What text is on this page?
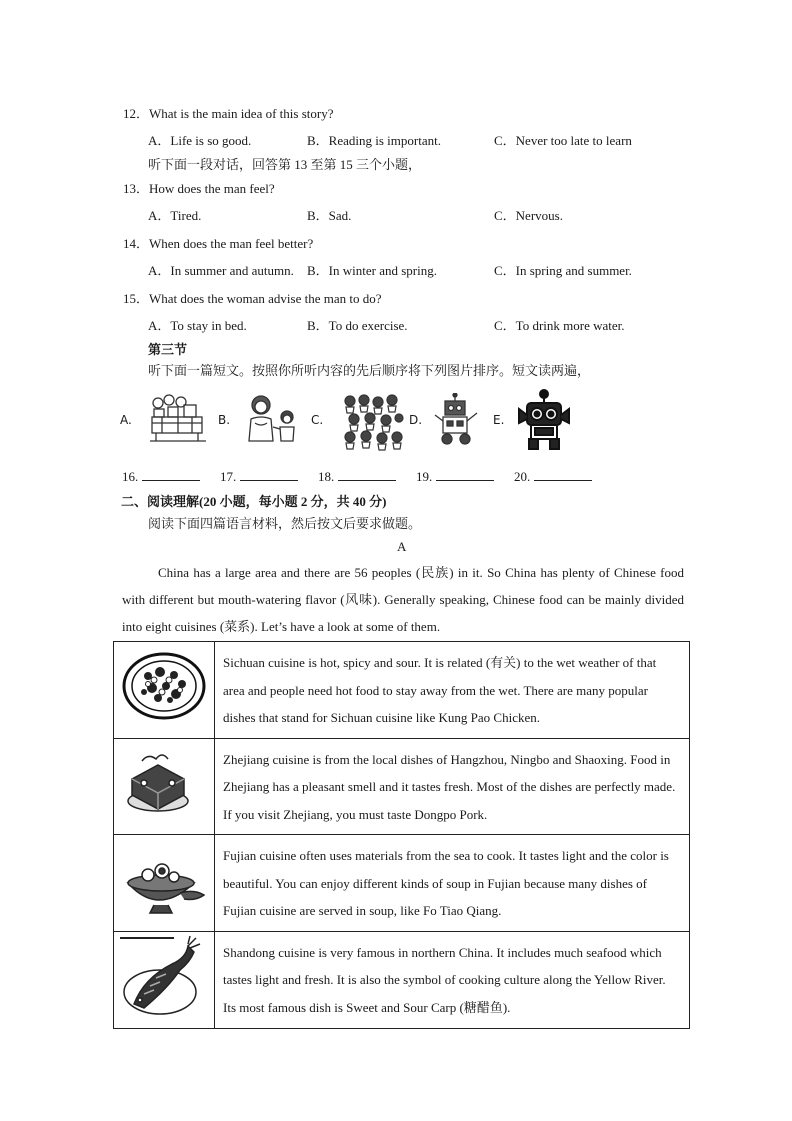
12．What is the main idea of this story?
A．Life is so good.	B．Reading is important.	C．Never too late to learn
听下面一段对话，回答第 13 至第 15 三个小题，
13．How does the man feel?
A．Tired.	B．Sad.	C．Nervous.
14．When does the man feel better?
A．In summer and autumn. B．In winter and spring.	C．In spring and summer.
15．What does the woman advise the man to do?
A．To stay in bed.	B．To do exercise.	C．To drink more water.
第三节
听下面一篇短文。按照你所听内容的先后顺序将下列图片排序。短文读两遍，
A.	B.	C.	D.	E.
16.	17.	18.	19.	20.
二、阅读理解(20 小题，每小题 2 分，共 40 分)
阅读下面四篇语言材料，然后按文后要求做题。
A
China has a large area and there are 56 peoples (民族) in it. So China has plenty of Chinese food with different but mouth-watering flavor (风味). Generally speaking, Chinese food can be mainly divided into eight cuisines (菜系). Let’s have a look at some of them.
	Sichuan cuisine is hot, spicy and sour. It is related (有关) to the wet weather of that area and people need hot food to stay away from the wet. There are many popular dishes that stand for Sichuan cuisine like Kung Pao Chicken.
	Zhejiang cuisine is from the local dishes of Hangzhou, Ningbo and Shaoxing. Food in Zhejiang has a pleasant smell and it tastes fresh. Most of the dishes are perfectly made. If you visit Zhejiang, you must taste Dongpo Pork.
	Fujian cuisine often uses materials from the sea to cook. It tastes light and the color is beautiful. You can enjoy different kinds of soup in Fujian because many dishes of Fujian cuisine are served in soup, like Fo Tiao Qiang.
	Shandong cuisine is very famous in northern China. It includes much seafood which tastes light and fresh. It is also the symbol of cooking culture along the Yellow River. Its most famous dish is Sweet and Sour Carp (糖醋鱼).
